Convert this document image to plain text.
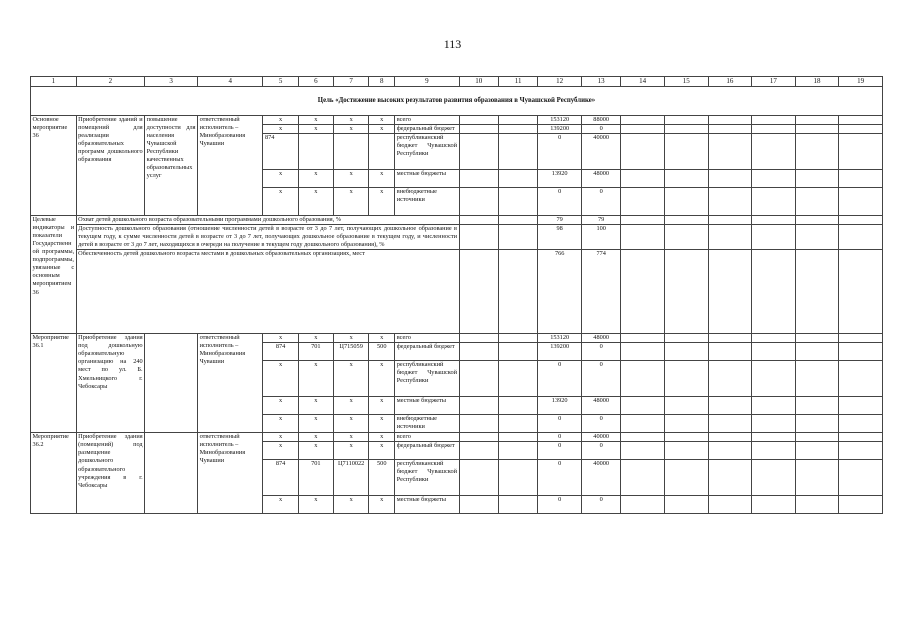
113
1	2	3	4	5	6	7	8	9	10	11	12	13	14	15	16	17	18	19
Цель «Достижение высоких результатов развития образования в Чувашской Республике»																		
Основное мероприятие 36	Приобретение зданий и помещений для реализации образовательных программ дошкольного образования	повышение доступности для населения Чувашской Республики качественных образовательных услуг	ответственный исполнитель – Минобразования Чувашии	х	х	х	х	всего			153120	88000						
				х	х	х	х	федеральный бюджет			139200	0						
				874				республиканский бюджет Чувашской Республики			0	40000						
				х	х	х	х	местные бюджеты			13920	48000						
				х	х	х	х	внебюджетные источники			0	0						
Целевые индикаторы и показатели Государственной программы, подпрограммы, увязанные с основным мероприятием 36	Охват детей дошкольного возраста образовательными программами дошкольного образования, %										79	79						
	Доступность дошкольного образования (отношение численности детей в возрасте от 3 до 7 лет, получающих дошкольное образование в текущем году, к сумме численности детей в возрасте от 3 до 7 лет, получающих дошкольное образование в текущем году, и численности детей в возрасте от 3 до 7 лет, находящихся в очереди на получение в текущем году дошкольного образования), %										98	100						
	Обеспеченность детей дошкольного возраста местами в дошкольных образовательных организациях, мест										766	774						
Мероприятие 36.1	Приобретение здания под дошкольную образовательную организацию на 240 мест по ул. Б. Хмельницкого г. Чебоксары		ответственный исполнитель – Минобразования Чувашии	х	х	х	х	всего			153120	48000						
				874	701	Ц715059	500	федеральный бюджет			139200	0						
				х	х	х	х	республиканский бюджет Чувашской Республики			0	0						
				х	х	х	х	местные бюджеты			13920	48000						
				х	х	х	х	внебюджетные источники			0	0						
Мероприятие 36.2	Приобретение здания (помещений) под размещение дошкольного образовательного учреждения в г. Чебоксары		ответственный исполнитель – Минобразования Чувашии	х	х	х	х	всего			0	40000						
				х	х	х	х	федеральный бюджет			0	0						
				874	701	Ц7110022	500	республиканский бюджет Чувашской Республики			0	40000						
				х	х	х	х	местные бюджеты			0	0						
